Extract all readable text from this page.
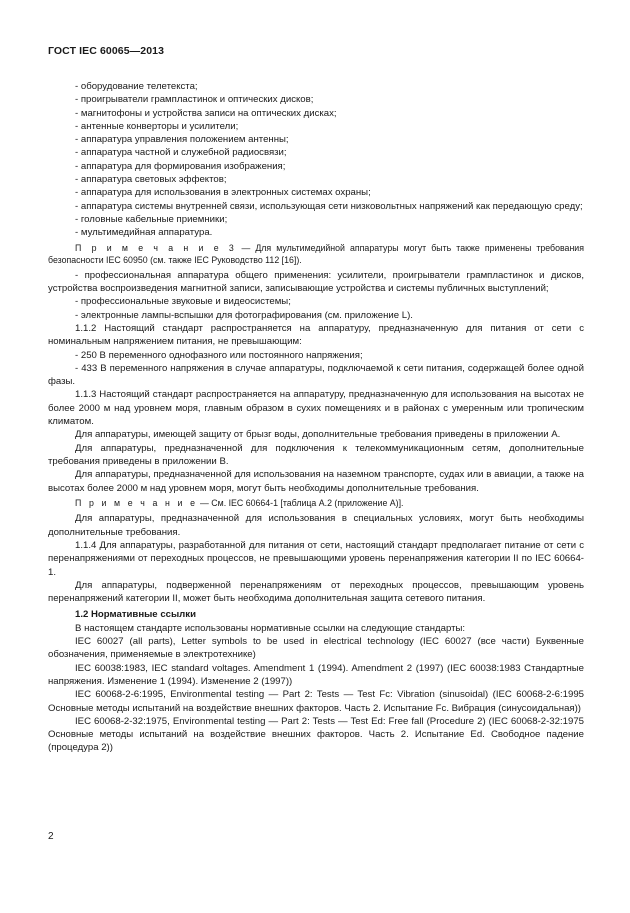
ГОСТ IEC 60065—2013

- оборудование телетекста;

- проигрыватели грампластинок и оптических дисков;

- магнитофоны и устройства записи на оптических дисках;

- антенные конверторы и усилители;

- аппаратура управления положением антенны;

- аппаратура частной и служебной радиосвязи;

- аппаратура для формирования изображения;

- аппаратура световых эффектов;

- аппаратура для использования в электронных системах охраны;

- аппаратура системы внутренней связи, использующая сети низковольтных напряжений как передающую среду;

- головные кабельные приемники;

- мультимедийная аппаратура.

П р и м е ч а н и е 3 — Для мультимедийной аппаратуры могут быть также применены требования безопасности IEC 60950 (см. также IEC Руководство 112 [16]).

- профессиональная аппаратура общего применения: усилители, проигрыватели грампластинок и дисков, устройства воспроизведения магнитной записи, записывающие устройства и системы публичных выступлений;

- профессиональные звуковые и видеосистемы;

- электронные лампы-вспышки для фотографирования (см. приложение L).

1.1.2 Настоящий стандарт распространяется на аппаратуру, предназначенную для питания от сети с номинальным напряжением питания, не превышающим:

- 250 В переменного однофазного или постоянного напряжения;

- 433 В переменного напряжения в случае аппаратуры, подключаемой к сети питания, содержащей более одной фазы.

1.1.3 Настоящий стандарт распространяется на аппаратуру, предназначенную для использования на высотах не более 2000 м над уровнем моря, главным образом в сухих помещениях и в районах с умеренным или тропическим климатом.

Для аппаратуры, имеющей защиту от брызг воды, дополнительные требования приведены в приложении А.

Для аппаратуры, предназначенной для подключения к телекоммуникационным сетям, дополнительные требования приведены в приложении В.

Для аппаратуры, предназначенной для использования на наземном транспорте, судах или в авиации, а также на высотах более 2000 м над уровнем моря, могут быть необходимы дополнительные требования.

П р и м е ч а н и е — См. IEC 60664-1 [таблица А.2 (приложение А)].

Для аппаратуры, предназначенной для использования в специальных условиях, могут быть необходимы дополнительные требования.

1.1.4 Для аппаратуры, разработанной для питания от сети, настоящий стандарт предполагает питание от сети с перенапряжениями от переходных процессов, не превышающими уровень перенапряжения категории II по IEC 60664-1.

Для аппаратуры, подверженной перенапряжениям от переходных процессов, превышающим уровень перенапряжений категории II, может быть необходима дополнительная защита сетевого питания.

1.2 Нормативные ссылки

В настоящем стандарте использованы нормативные ссылки на следующие стандарты:

IEC 60027 (all parts), Letter symbols to be used in electrical technology (IEC 60027 (все части) Буквенные обозначения, применяемые в электротехнике)

IEC 60038:1983, IEC standard voltages. Amendment 1 (1994). Amendment 2 (1997) (IEC 60038:1983 Стандартные напряжения. Изменение 1 (1994). Изменение 2 (1997))

IEC 60068-2-6:1995, Environmental testing — Part 2: Tests — Test Fc: Vibration (sinusoidal) (IEC 60068-2-6:1995 Основные методы испытаний на воздействие внешних факторов. Часть 2. Испытание Fc. Вибрация (синусоидальная))

IEC 60068-2-32:1975, Environmental testing — Part 2: Tests — Test Ed: Free fall (Procedure 2) (IEC 60068-2-32:1975 Основные методы испытаний на воздействие внешних факторов. Часть 2. Испытание Ed. Свободное падение (процедура 2))

2
